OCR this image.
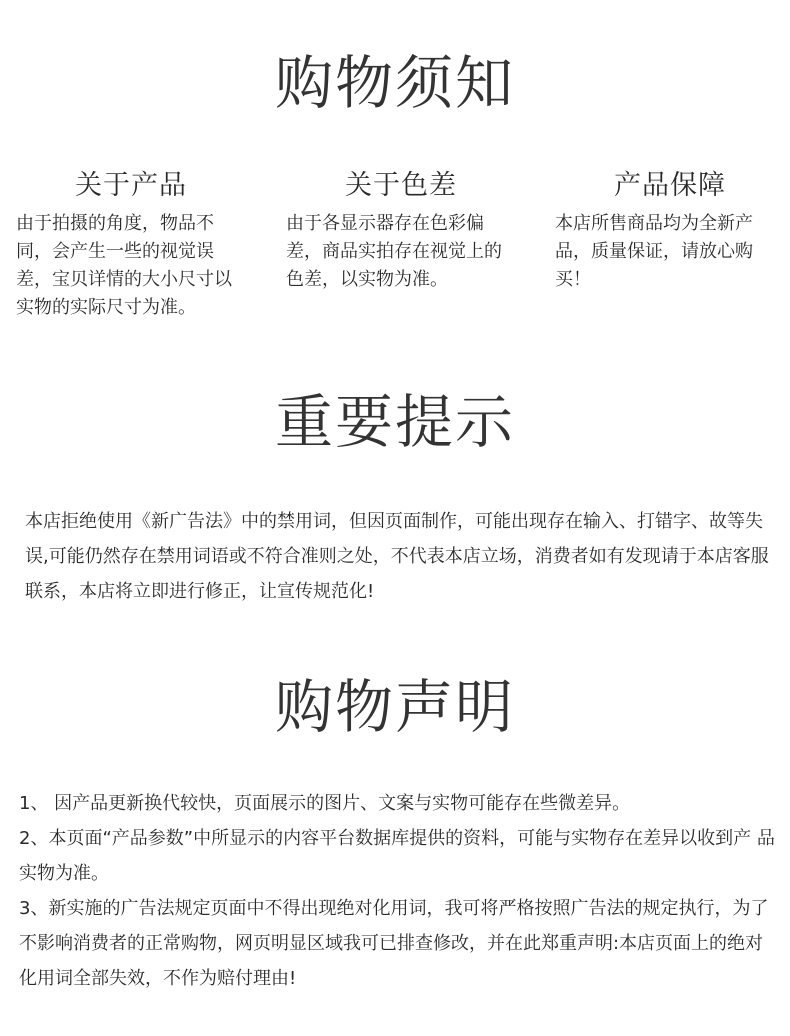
购物须知
关于产品

由于拍摄的角度，物品不同，会产生一些的视觉误差，宝贝详情的大小尺寸以实物的实际尺寸为准。

关于色差

由于各显示器存在色彩偏差，商品实拍存在视觉上的色差，以实物为准。

产品保障

本店所售商品均为全新产品，质量保证，请放心购买！

重要提示

本店拒绝使用《新广告法》中的禁用词，但因页面制作，可能出现存在输入、打错字、故等失误,可能仍然存在禁用词语或不符合准则之处，不代表本店立场，消费者如有发现请于本店客服联系，本店将立即进行修正，让宣传规范化!

购物声明
1、 因产品更新换代较快，页面展示的图片、文案与实物可能存在些微差异。
2、本页面“产品参数”中所显示的内容平台数据库提供的资料，可能与实物存在差异以收到产 品实物为准。
3、新实施的广告法规定页面中不得出现绝对化用词，我可将严格按照广告法的规定执行，为了不影响消费者的正常购物，网页明显区域我可已排查修改，并在此郑重声明:本店页面上的绝对化用词全部失效，不作为赔付理由!
